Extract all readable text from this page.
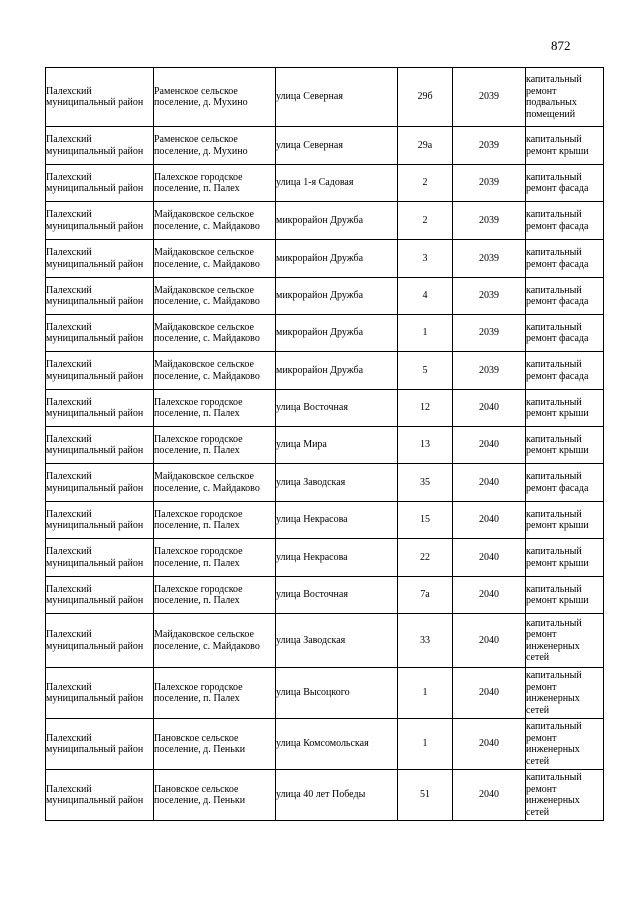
872
Палехский муниципальный район	Раменское сельское поселение, д. Мухино	улица Северная	29б	2039	капитальный ремонт подвальных помещений
Палехский муниципальный район	Раменское сельское поселение, д. Мухино	улица Северная	29а	2039	капитальный ремонт крыши
Палехский муниципальный район	Палехское городское поселение, п. Палех	улица 1-я Садовая	2	2039	капитальный ремонт фасада
Палехский муниципальный район	Майдаковское сельское поселение, с. Майдаково	микрорайон Дружба	2	2039	капитальный ремонт фасада
Палехский муниципальный район	Майдаковское сельское поселение, с. Майдаково	микрорайон Дружба	3	2039	капитальный ремонт фасада
Палехский муниципальный район	Майдаковское сельское поселение, с. Майдаково	микрорайон Дружба	4	2039	капитальный ремонт фасада
Палехский муниципальный район	Майдаковское сельское поселение, с. Майдаково	микрорайон Дружба	1	2039	капитальный ремонт фасада
Палехский муниципальный район	Майдаковское сельское поселение, с. Майдаково	микрорайон Дружба	5	2039	капитальный ремонт фасада
Палехский муниципальный район	Палехское городское поселение, п. Палех	улица Восточная	12	2040	капитальный ремонт крыши
Палехский муниципальный район	Палехское городское поселение, п. Палех	улица Мира	13	2040	капитальный ремонт крыши
Палехский муниципальный район	Майдаковское сельское поселение, с. Майдаково	улица Заводская	35	2040	капитальный ремонт фасада
Палехский муниципальный район	Палехское городское поселение, п. Палех	улица Некрасова	15	2040	капитальный ремонт крыши
Палехский муниципальный район	Палехское городское поселение, п. Палех	улица Некрасова	22	2040	капитальный ремонт крыши
Палехский муниципальный район	Палехское городское поселение, п. Палех	улица Восточная	7а	2040	капитальный ремонт крыши
Палехский муниципальный район	Майдаковское сельское поселение, с. Майдаково	улица Заводская	33	2040	капитальный ремонт инженерных сетей
Палехский муниципальный район	Палехское городское поселение, п. Палех	улица Высоцкого	1	2040	капитальный ремонт инженерных сетей
Палехский муниципальный район	Пановское сельское поселение, д. Пеньки	улица Комсомольская	1	2040	капитальный ремонт инженерных сетей
Палехский муниципальный район	Пановское сельское поселение, д. Пеньки	улица 40 лет Победы	51	2040	капитальный ремонт инженерных сетей
